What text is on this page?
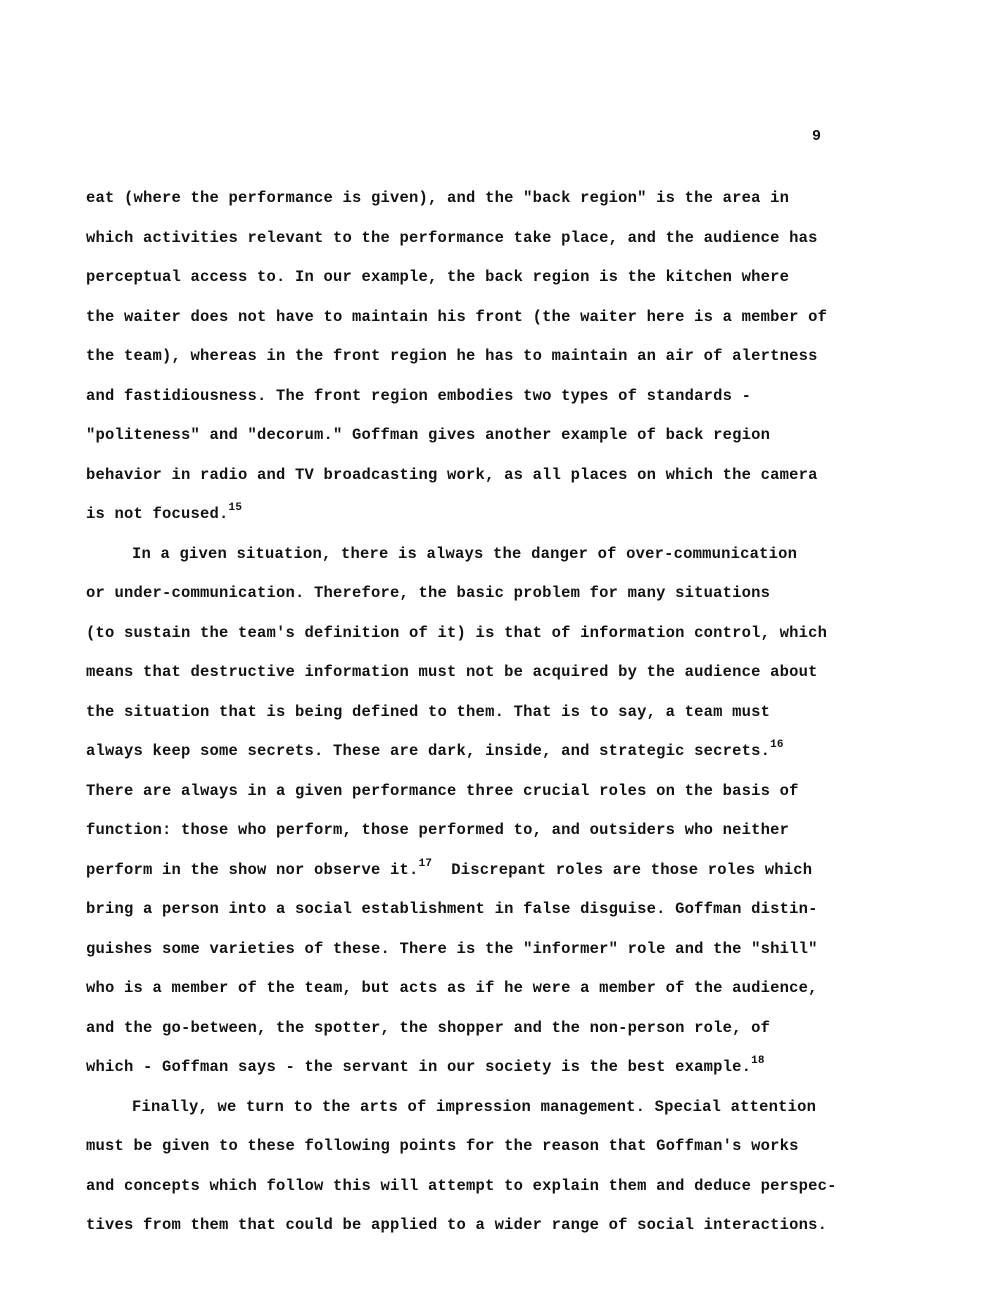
9
eat (where the performance is given), and the "back region" is the area in
which activities relevant to the performance take place, and the audience has
perceptual access to. In our example, the back region is the kitchen where
the waiter does not have to maintain his front (the waiter here is a member of
the team), whereas in the front region he has to maintain an air of alertness
and fastidiousness. The front region embodies two types of standards -
"politeness" and "decorum." Goffman gives another example of back region
behavior in radio and TV broadcasting work, as all places on which the camera
is not focused.$^{15}$
In a given situation, there is always the danger of over-communication
or under-communication. Therefore, the basic problem for many situations
(to sustain the team's definition of it) is that of information control, which
means that destructive information must not be acquired by the audience about
the situation that is being defined to them. That is to say, a team must
always keep some secrets. These are dark, inside, and strategic secrets.$^{16}$
There are always in a given performance three crucial roles on the basis of
function: those who perform, those performed to, and outsiders who neither
perform in the show nor observe it.$^{17}$ Discrepant roles are those roles which
bring a person into a social establishment in false disguise. Goffman distin-
guishes some varieties of these. There is the "informer" role and the "shill"
who is a member of the team, but acts as if he were a member of the audience,
and the go-between, the spotter, the shopper and the non-person role, of
which - Goffman says - the servant in our society is the best example.$^{18}$
Finally, we turn to the arts of impression management. Special attention
must be given to these following points for the reason that Goffman's works
and concepts which follow this will attempt to explain them and deduce perspec-
tives from them that could be applied to a wider range of social interactions.
